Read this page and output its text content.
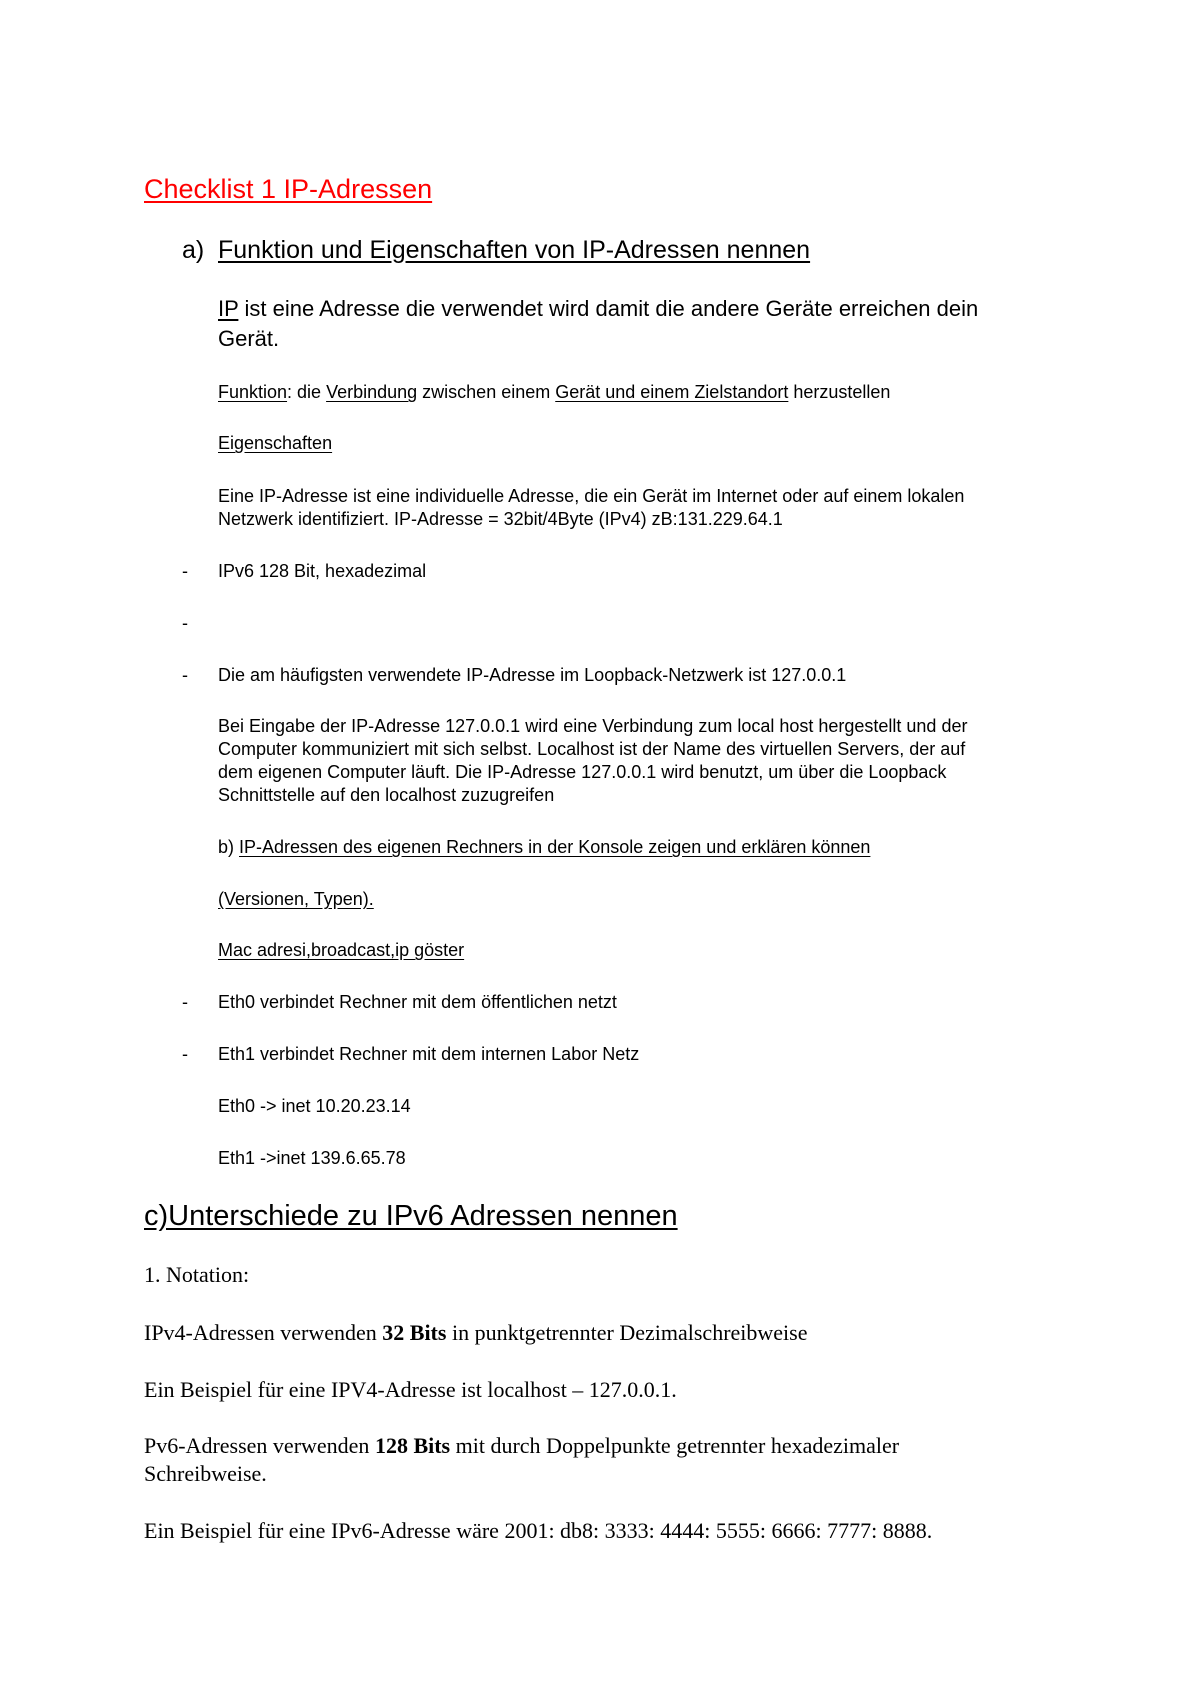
Checklist 1 IP-Adressen
a) Funktion und Eigenschaften von IP-Adressen nennen
IP ist eine Adresse die verwendet wird damit die andere Geräte erreichen dein
Gerät.
Funktion: die Verbindung zwischen einem Gerät und einem Zielstandort herzustellen
Eigenschaften
Eine IP-Adresse ist eine individuelle Adresse, die ein Gerät im Internet oder auf einem lokalen
Netzwerk identifiziert. IP-Adresse = 32bit/4Byte (IPv4) zB:131.229.64.1
- IPv6 128 Bit, hexadezimal
-
- Die am häufigsten verwendete IP-Adresse im Loopback-Netzwerk ist 127.0.0.1
Bei Eingabe der IP-Adresse 127.0.0.1 wird eine Verbindung zum local host hergestellt und der
Computer kommuniziert mit sich selbst. Localhost ist der Name des virtuellen Servers, der auf
dem eigenen Computer läuft. Die IP-Adresse 127.0.0.1 wird benutzt, um über die Loopback
Schnittstelle auf den localhost zuzugreifen
b) IP-Adressen des eigenen Rechners in der Konsole zeigen und erklären können
(Versionen, Typen).
Mac adresi,broadcast,ip göster
- Eth0 verbindet Rechner mit dem öffentlichen netzt
- Eth1 verbindet Rechner mit dem internen Labor Netz
Eth0 -> inet 10.20.23.14
Eth1 ->inet 139.6.65.78
c)Unterschiede zu IPv6 Adressen nennen
1. Notation:
IPv4-Adressen verwenden 32 Bits in punktgetrennter Dezimalschreibweise
Ein Beispiel für eine IPV4-Adresse ist localhost – 127.0.0.1.
Pv6-Adressen verwenden 128 Bits mit durch Doppelpunkte getrennter hexadezimaler
Schreibweise.
Ein Beispiel für eine IPv6-Adresse wäre 2001: db8: 3333: 4444: 5555: 6666: 7777: 8888.
